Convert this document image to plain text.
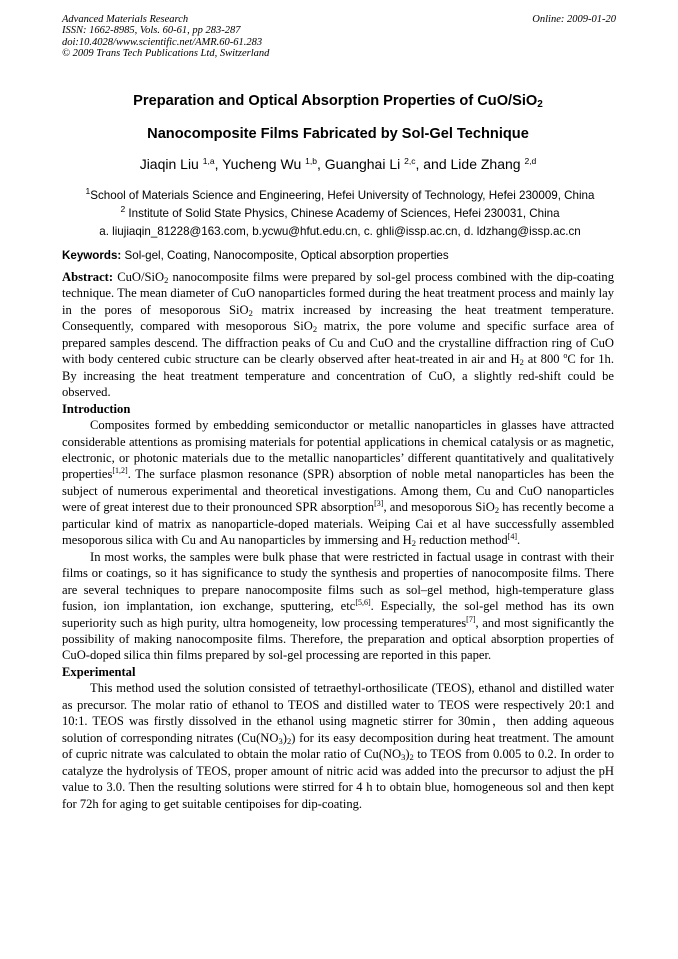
Advanced Materials Research
ISSN: 1662-8985, Vols. 60-61, pp 283-287
doi:10.4028/www.scientific.net/AMR.60-61.283
© 2009 Trans Tech Publications Ltd, Switzerland
Online: 2009-01-20
Preparation and Optical Absorption Properties of CuO/SiO$_2$
Nanocomposite Films Fabricated by Sol-Gel Technique
Jiaqin Liu $^{1,a}$, Yucheng Wu $^{1,b}$, Guanghai Li $^{2,c}$, and Lide Zhang $^{2,d}$
$^1$School of Materials Science and Engineering, Hefei University of Technology, Hefei 230009, China
$^2$ Institute of Solid State Physics, Chinese Academy of Sciences, Hefei 230031, China
a. liujiaqin_81228@163.com, b.ycwu@hfut.edu.cn, c. ghli@issp.ac.cn, d. ldzhang@issp.ac.cn
Keywords: Sol-gel, Coating, Nanocomposite, Optical absorption properties

Abstract: CuO/SiO$_2$ nanocomposite films were prepared by sol-gel process combined with the dip-coating technique. The mean diameter of CuO nanoparticles formed during the heat treatment process and mainly lay in the pores of mesoporous SiO$_2$ matrix increased by increasing the heat treatment temperature. Consequently, compared with mesoporous SiO$_2$ matrix, the pore volume and specific surface area of prepared samples descend. The diffraction peaks of Cu and CuO and the crystalline diffraction ring of CuO with body centered cubic structure can be clearly observed after heat-treated in air and $H_2$ at 800 $^o$C for 1h. By increasing the heat treatment temperature and concentration of CuO, a slightly red-shift could be observed.

Introduction

Composites formed by embedding semiconductor or metallic nanoparticles in glasses have attracted considerable attentions as promising materials for potential applications in chemical catalysis or as magnetic, electronic, or photonic materials due to the metallic nanoparticles’ different quantitatively and qualitatively properties[1,2]. The surface plasmon resonance (SPR) absorption of noble metal nanoparticles has been the subject of numerous experimental and theoretical investigations. Among them, Cu and CuO nanoparticles were of great interest due to their pronounced SPR absorption[3], and mesoporous SiO$_2$ has recently become a particular kind of matrix as nanoparticle-doped materials. Weiping Cai et al have successfully assembled mesoporous silica with Cu and Au nanoparticles by immersing and $H_2$ reduction method[4].

In most works, the samples were bulk phase that were restricted in factual usage in contrast with their films or coatings, so it has significance to study the synthesis and properties of nanocomposite films. There are several techniques to prepare nanocomposite films such as sol–gel method, high-temperature glass fusion, ion implantation, ion exchange, sputtering, etc[5,6]. Especially, the sol-gel method has its own superiority such as high purity, ultra homogeneity, low processing temperatures[7], and most significantly the possibility of making nanocomposite films. Therefore, the preparation and optical absorption properties of CuO-doped silica thin films prepared by sol-gel processing are reported in this paper.

Experimental

This method used the solution consisted of tetraethyl-orthosilicate (TEOS), ethanol and distilled water as precursor. The molar ratio of ethanol to TEOS and distilled water to TEOS were respectively 20:1 and 10:1. TEOS was firstly dissolved in the ethanol using magnetic stirrer for 30min，then adding aqueous solution of corresponding nitrates $(Cu(NO_3)_2)$ for its easy decomposition during heat treatment. The amount of cupric nitrate was calculated to obtain the molar ratio of $Cu(NO_3)_2$ to TEOS from 0.005 to 0.2. In order to catalyze the hydrolysis of TEOS, proper amount of nitric acid was added into the precursor to adjust the pH value to 3.0. Then the resulting solutions were stirred for 4 h to obtain blue, homogeneous sol and then kept for 72h for aging to get suitable centipoises for dip-coating.
